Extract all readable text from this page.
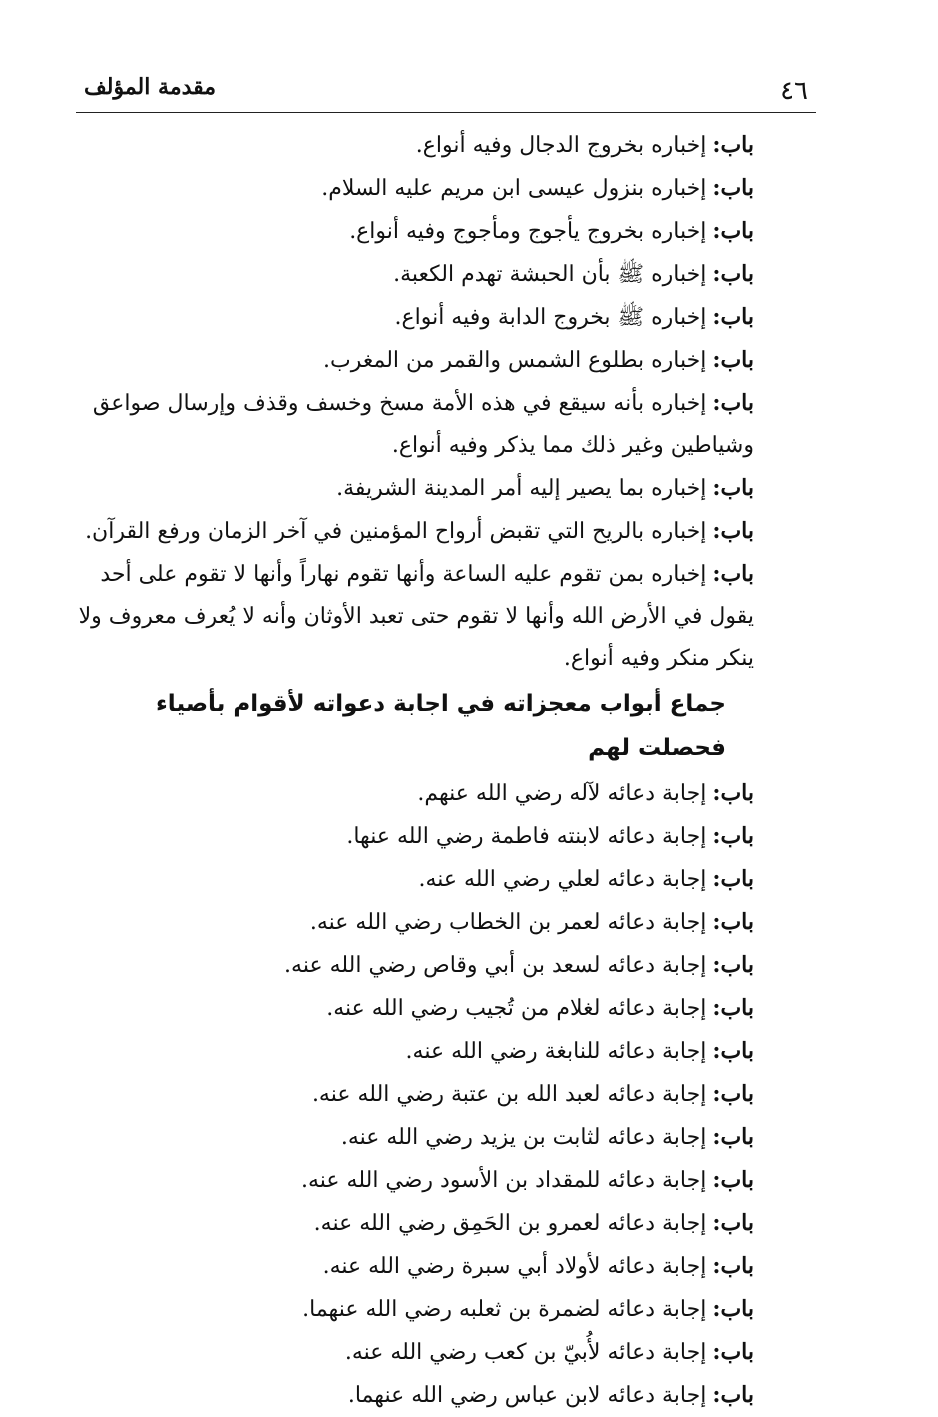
٤٦
مقدمة المؤلف

باب:إخباره بخروج الدجال وفيه أنواع.

باب:إخباره بنزول عيسى ابن مريم عليه السلام.

باب:إخباره بخروج يأجوج ومأجوج وفيه أنواع.

باب:إخباره ﷺ بأن الحبشة تهدم الكعبة.

باب:إخباره ﷺ بخروج الدابة وفيه أنواع.

باب:إخباره بطلوع الشمس والقمر من المغرب.

باب:إخباره بأنه سيقع في هذه الأمة مسخ وخسف وقذف وإرسال صواعق وشياطين وغير ذلك مما يذكر وفيه أنواع.

باب:إخباره بما يصير إليه أمر المدينة الشريفة.

باب:إخباره بالريح التي تقبض أرواح المؤمنين في آخر الزمان ورفع القرآن.

باب:إخباره بمن تقوم عليه الساعة وأنها تقوم نهاراً وأنها لا تقوم على أحد يقول في الأرض الله وأنها لا تقوم حتى تعبد الأوثان وأنه لا يُعرف معروف ولا ينكر منكر وفيه أنواع.

جماع أبواب معجزاته في اجابة دعواته لأقوام بأصياء فحصلت لهم

باب:إجابة دعائه لآله رضي الله عنهم.

باب:إجابة دعائه لابنته فاطمة رضي الله عنها.

باب:إجابة دعائه لعلي رضي الله عنه.

باب:إجابة دعائه لعمر بن الخطاب رضي الله عنه.

باب:إجابة دعائه لسعد بن أبي وقاص رضي الله عنه.

باب:إجابة دعائه لغلام من تُجيب رضي الله عنه.

باب:إجابة دعائه للنابغة رضي الله عنه.

باب:إجابة دعائه لعبد الله بن عتبة رضي الله عنه.

باب:إجابة دعائه لثابت بن يزيد رضي الله عنه.

باب:إجابة دعائه للمقداد بن الأسود رضي الله عنه.

باب:إجابة دعائه لعمرو بن الحَمِق رضي الله عنه.

باب:إجابة دعائه لأولاد أبي سبرة رضي الله عنه.

باب:إجابة دعائه لضمرة بن ثعلبه رضي الله عنهما.

باب:إجابة دعائه لأُبيّ بن كعب رضي الله عنه.

باب:إجابة دعائه لابن عباس رضي الله عنهما.
